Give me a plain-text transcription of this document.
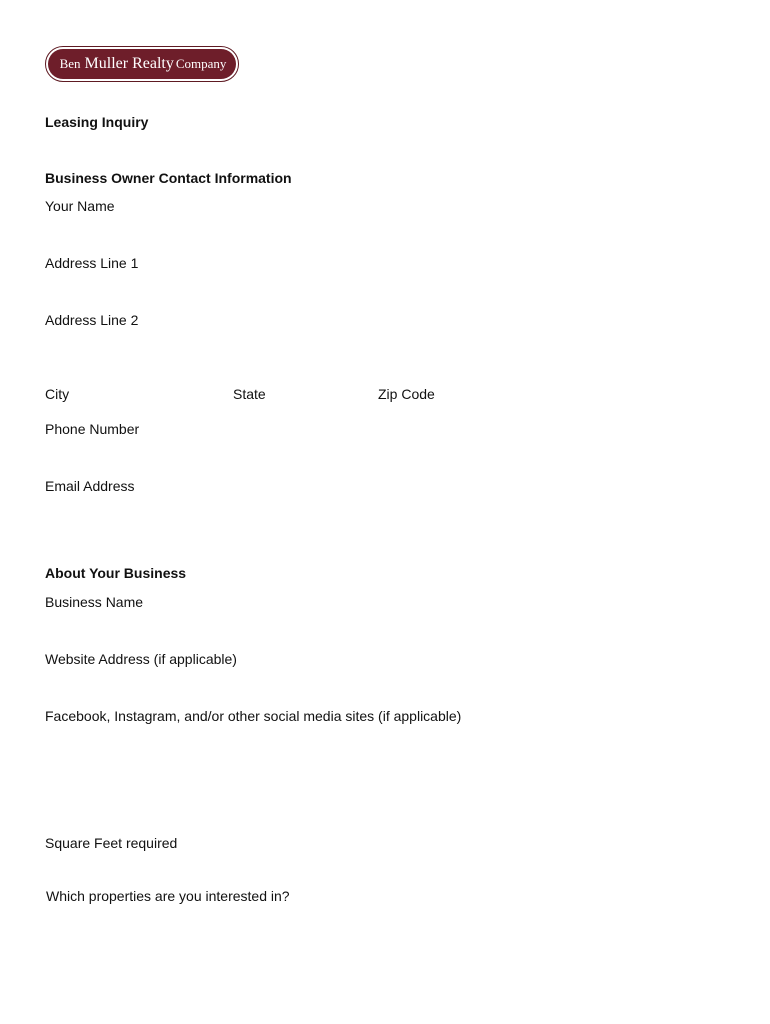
Ben Muller Realty Company
Leasing Inquiry
Business Owner Contact Information
Your Name
Address Line 1
Address Line 2
City	State	Zip Code
Phone Number
Email Address
About Your Business
Business Name
Website Address (if applicable)
Facebook, Instagram, and/or other social media sites (if applicable)
Square Feet required
Which properties are you interested in?
